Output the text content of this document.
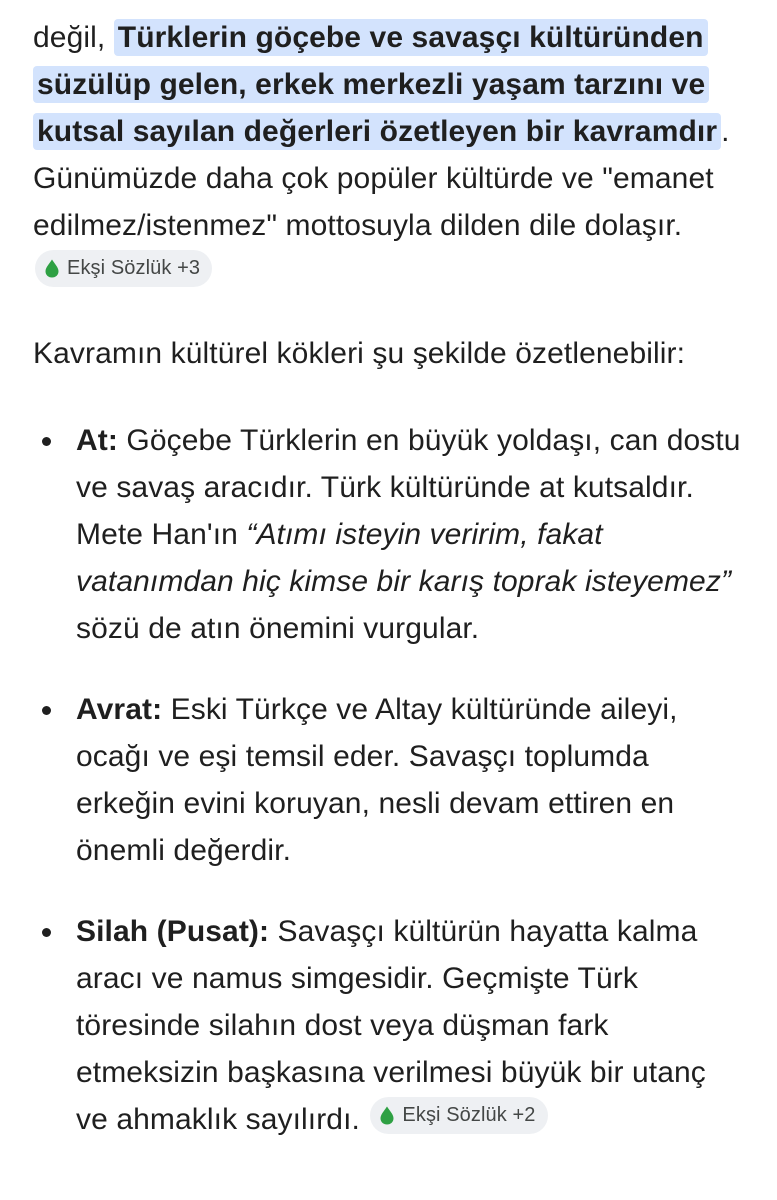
değil, Türklerin göçebe ve savaşçı kültüründen süzülüp gelen, erkek merkezli yaşam tarzını ve kutsal sayılan değerleri özetleyen bir kavramdır . Günümüzde daha çok popüler kültürde ve "emanet edilmez/istenmez" mottosuyla dilden dile dolaşır.
Ekşi Sözlük +3

Kavramın kültürel kökleri şu şekilde özetlenebilir:

At: Göçebe Türklerin en büyük yoldaşı, can dostu ve savaş aracıdır. Türk kültüründe at kutsaldır. Mete Han'ın “Atımı isteyin veririm, fakat vatanımdan hiç kimse bir karış toprak isteyemez” sözü de atın önemini vurgular.
Avrat: Eski Türkçe ve Altay kültüründe aileyi, ocağı ve eşi temsil eder. Savaşçı toplumda erkeğin evini koruyan, nesli devam ettiren en önemli değerdir.
Silah (Pusat): Savaşçı kültürün hayatta kalma aracı ve namus simgesidir. Geçmişte Türk töresinde silahın dost veya düşman fark etmeksizin başkasına verilmesi büyük bir utanç ve ahmaklık sayılırdı. Ekşi Sözlük +2
